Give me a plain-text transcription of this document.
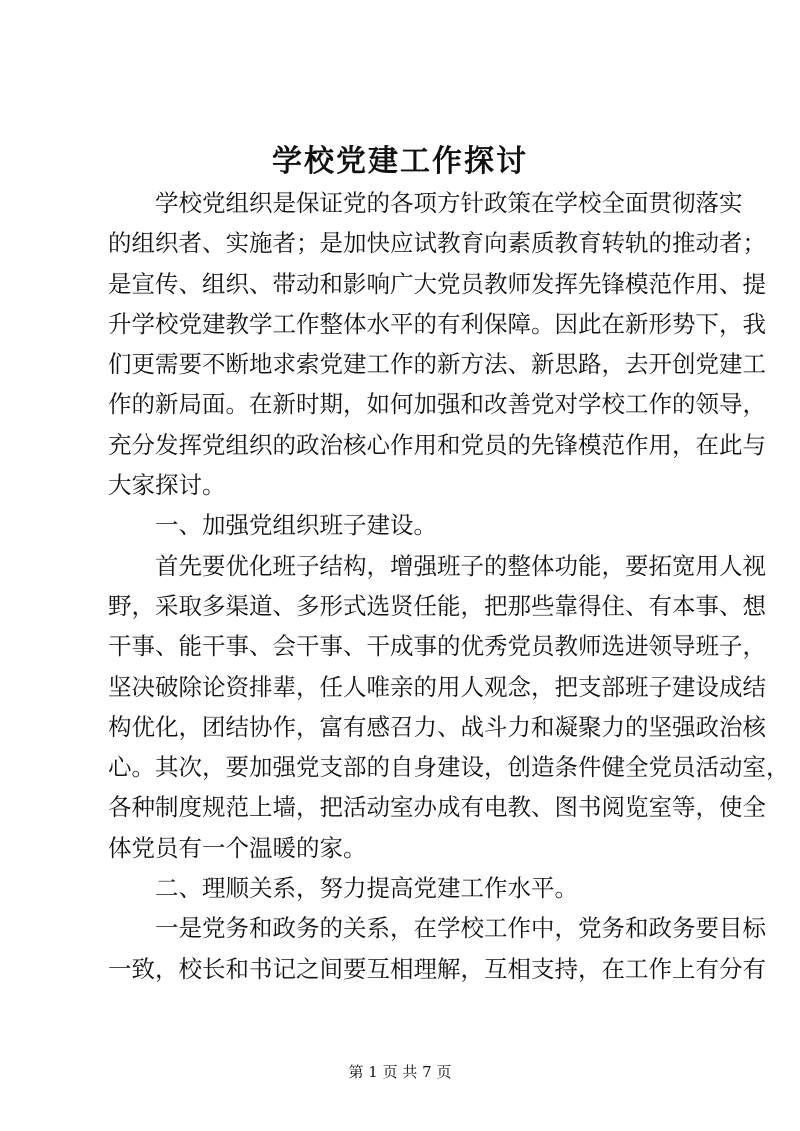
学校党建工作探讨
学校党组织是保证党的各项方针政策在学校全面贯彻落实
的组织者、实施者；是加快应试教育向素质教育转轨的推动者；
是宣传、组织、带动和影响广大党员教师发挥先锋模范作用、提
升学校党建教学工作整体水平的有利保障。因此在新形势下，我
们更需要不断地求索党建工作的新方法、新思路，去开创党建工
作的新局面。在新时期，如何加强和改善党对学校工作的领导，
充分发挥党组织的政治核心作用和党员的先锋模范作用，在此与
大家探讨。
一、加强党组织班子建设。
首先要优化班子结构，增强班子的整体功能，要拓宽用人视
野，采取多渠道、多形式选贤任能，把那些靠得住、有本事、想
干事、能干事、会干事、干成事的优秀党员教师选进领导班子，
坚决破除论资排辈，任人唯亲的用人观念，把支部班子建设成结
构优化，团结协作，富有感召力、战斗力和凝聚力的坚强政治核
心。其次，要加强党支部的自身建设，创造条件健全党员活动室，
各种制度规范上墙，把活动室办成有电教、图书阅览室等，使全
体党员有一个温暖的家。
二、理顺关系，努力提高党建工作水平。
一是党务和政务的关系，在学校工作中，党务和政务要目标
一致，校长和书记之间要互相理解，互相支持，在工作上有分有
第 1 页 共 7 页
